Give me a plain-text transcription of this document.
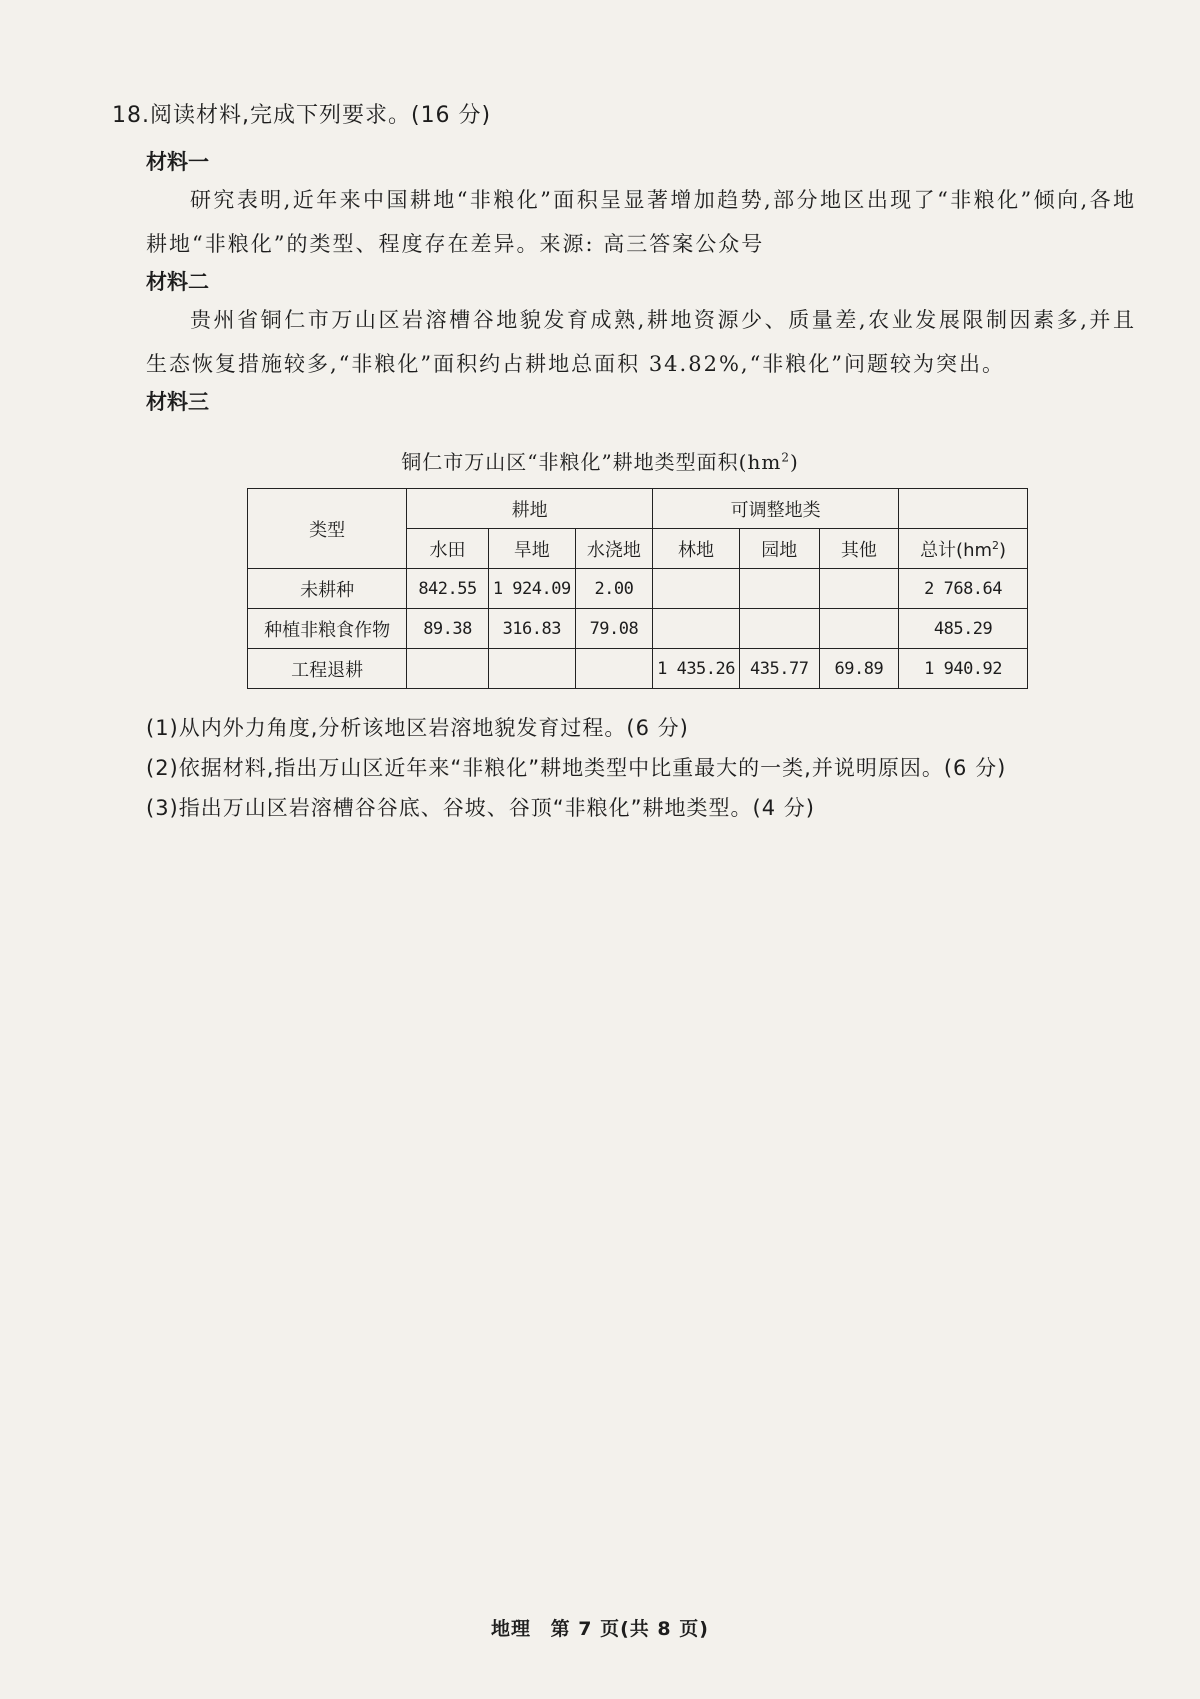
18.阅读材料,完成下列要求。(16 分)
材料一
研究表明,近年来中国耕地“非粮化”面积呈显著增加趋势,部分地区出现了“非粮化”倾向,各地耕地“非粮化”的类型、程度存在差异。来源: 高三答案公众号
材料二
贵州省铜仁市万山区岩溶槽谷地貌发育成熟,耕地资源少、质量差,农业发展限制因素多,并且生态恢复措施较多,“非粮化”面积约占耕地总面积 34.82%,“非粮化”问题较为突出。
材料三
铜仁市万山区“非粮化”耕地类型面积$(hm^2)$
类型	耕地			可调整地类			
	水田	旱地	水浇地	林地	园地	其他	总计$(hm^2)$
未耕种	842.55	1 924.09	2.00				2 768.64
种植非粮食作物	89.38	316.83	79.08				485.29
工程退耕				1 435.26	435.77	69.89	1 940.92
(1)从内外力角度,分析该地区岩溶地貌发育过程。(6 分)
(2)依据材料,指出万山区近年来“非粮化”耕地类型中比重最大的一类,并说明原因。(6 分)
(3)指出万山区岩溶槽谷谷底、谷坡、谷顶“非粮化”耕地类型。(4 分)
地理 第 7 页(共 8 页)
